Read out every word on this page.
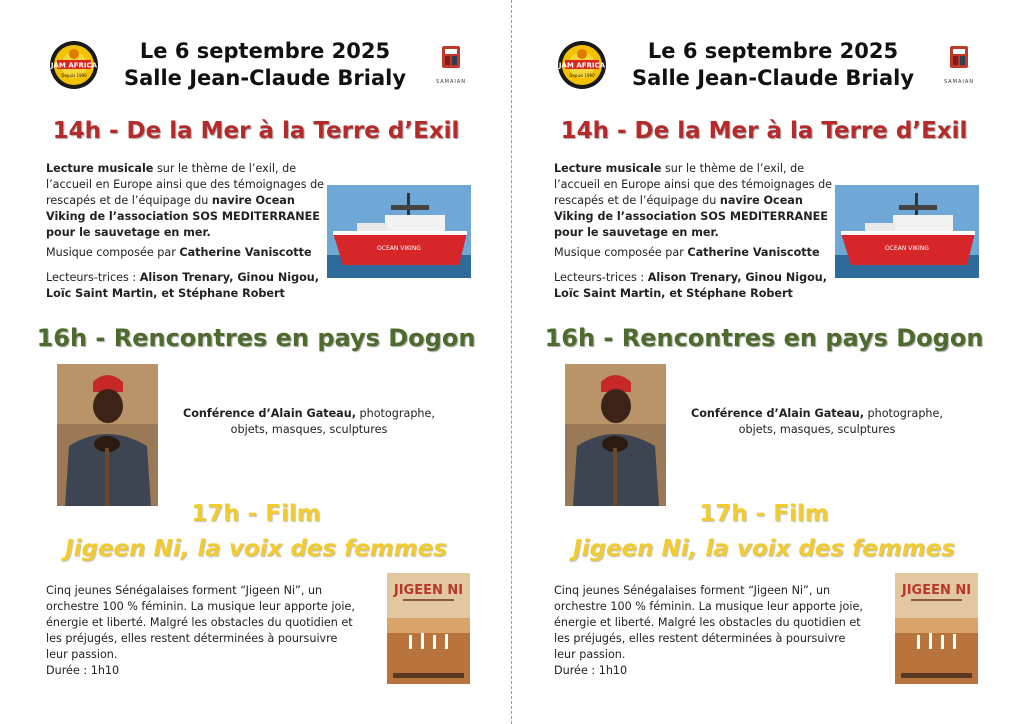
JAM AFRICA
Depuis 1990
Le 6 septembre 2025
Salle Jean-Claude Brialy	SAMAIAN
14h - De la Mer à la Terre d’Exil
Lecture musicale sur le thème de l’exil, de l’accueil en Europe ainsi que des témoignages de rescapés et de l’équipage du navire Ocean Viking de l’association SOS MEDITERRANEE pour le sauvetage en mer.
Musique composée par Catherine Vaniscotte
Lecteurs-trices : Alison Trenary, Ginou Nigou, Loïc Saint Martin, et Stéphane Robert
OCEAN VIKING
16h - Rencontres en pays Dogon
Conférence d’Alain Gateau, photographe, objets, masques, sculptures
17h - Film
Jigeen Ni, la voix des femmes
Cinq jeunes Sénégalaises forment “Jigeen Ni”, un orchestre 100 % féminin. La musique leur apporte joie, énergie et liberté. Malgré les obstacles du quotidien et les préjugés, elles restent déterminées à poursuivre leur passion.
Durée : 1h10
JIGEEN NI
JAM AFRICA
Depuis 1990
Le 6 septembre 2025
Salle Jean-Claude Brialy	SAMAIAN
14h - De la Mer à la Terre d’Exil
Lecture musicale sur le thème de l’exil, de l’accueil en Europe ainsi que des témoignages de rescapés et de l’équipage du navire Ocean Viking de l’association SOS MEDITERRANEE pour le sauvetage en mer.
Musique composée par Catherine Vaniscotte
Lecteurs-trices : Alison Trenary, Ginou Nigou, Loïc Saint Martin, et Stéphane Robert
OCEAN VIKING
16h - Rencontres en pays Dogon
Conférence d’Alain Gateau, photographe, objets, masques, sculptures
17h - Film
Jigeen Ni, la voix des femmes
Cinq jeunes Sénégalaises forment “Jigeen Ni”, un orchestre 100 % féminin. La musique leur apporte joie, énergie et liberté. Malgré les obstacles du quotidien et les préjugés, elles restent déterminées à poursuivre leur passion.
Durée : 1h10
JIGEEN NI
